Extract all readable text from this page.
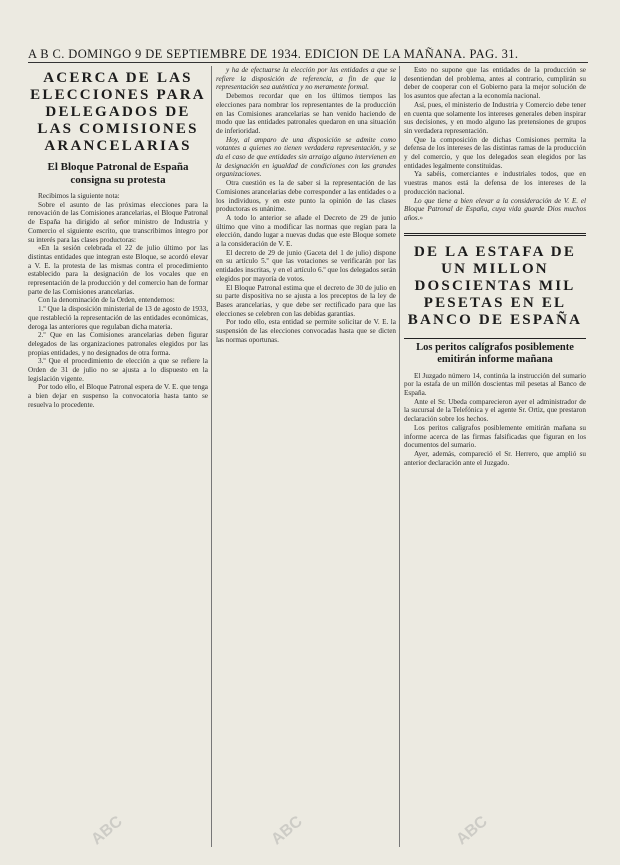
A B C. DOMINGO 9 DE SEPTIEMBRE DE 1934. EDICION DE LA MAÑANA. PAG. 31.
ACERCA DE LAS ELECCIONES PARA DELEGADOS DE LAS COMISIONES ARANCELARIAS
El Bloque Patronal de España consigna su protesta

Recibimos la siguiente nota:

Sobre el asunto de las próximas elecciones para la renovación de las Comisiones arancelarias, el Bloque Patronal de España ha dirigido al señor ministro de Industria y Comercio el siguiente escrito, que transcribimos íntegro por su interés para las clases productoras:

«En la sesión celebrada el 22 de julio último por las distintas entidades que integran este Bloque, se acordó elevar a V. E. la protesta de las mismas contra el procedimiento establecido para la designación de los vocales que en representación de la producción y del comercio han de formar parte de las Comisiones arancelarias.

Con la denominación de la Orden, entendemos:

1.º Que la disposición ministerial de 13 de agosto de 1933, que restableció la representación de las entidades económicas, deroga las anteriores que regulaban dicha materia.

2.º Que en las Comisiones arancelarias deben figurar delegados de las organizaciones patronales elegidos por las propias entidades, y no designados de otra forma.

3.º Que el procedimiento de elección a que se refiere la Orden de 31 de julio no se ajusta a lo dispuesto en la legislación vigente.

Por todo ello, el Bloque Patronal espera de V. E. que tenga a bien dejar en suspenso la convocatoria hasta tanto se resuelva lo procedente.

y ha de efectuarse la elección por las entidades a que se refiere la disposición de referencia, a fin de que la representación sea auténtica y no meramente formal.

Debemos recordar que en los últimos tiempos las elecciones para nombrar los representantes de la producción en las Comisiones arancelarias se han venido haciendo de modo que las entidades patronales quedaron en una situación de inferioridad.

Hoy, al amparo de una disposición se admite como votantes a quienes no tienen verdadera representación, y se da el caso de que entidades sin arraigo alguno intervienen en la designación en igualdad de condiciones con las grandes organizaciones.

Otra cuestión es la de saber si la representación de las Comisiones arancelarias debe corresponder a las entidades o a los individuos, y en este punto la opinión de las clases productoras es unánime.

A todo lo anterior se añade el Decreto de 29 de junio último que vino a modificar las normas que regían para la elección, dando lugar a nuevas dudas que este Bloque somete a la consideración de V. E.

El decreto de 29 de junio (Gaceta del 1 de julio) dispone en su artículo 5.º que las votaciones se verificarán por las entidades inscritas, y en el artículo 6.º que los delegados serán elegidos por mayoría de votos.

El Bloque Patronal estima que el decreto de 30 de julio en su parte dispositiva no se ajusta a los preceptos de la ley de Bases arancelarias, y que debe ser rectificado para que las elecciones se celebren con las debidas garantías.

Por todo ello, esta entidad se permite solicitar de V. E. la suspensión de las elecciones convocadas hasta que se dicten las normas oportunas.

Esto no supone que las entidades de la producción se desentiendan del problema, antes al contrario, cumplirán su deber de cooperar con el Gobierno para la mejor solución de los asuntos que afectan a la economía nacional.

Así, pues, el ministerio de Industria y Comercio debe tener en cuenta que solamente los intereses generales deben inspirar sus decisiones, y en modo alguno las pretensiones de grupos sin verdadera representación.

Que la composición de dichas Comisiones permita la defensa de los intereses de las distintas ramas de la producción y del comercio, y que los delegados sean elegidos por las entidades legalmente constituidas.

Ya sabéis, comerciantes e industriales todos, que en vuestras manos está la defensa de los intereses de la producción nacional.

Lo que tiene a bien elevar a la consideración de V. E. el Bloque Patronal de España, cuya vida guarde Dios muchos años.»

DE LA ESTAFA DE UN MILLON DOSCIENTAS MIL PESETAS EN EL BANCO DE ESPAÑA
Los peritos calígrafos posiblemente emitirán informe mañana

El Juzgado número 14, continúa la instrucción del sumario por la estafa de un millón doscientas mil pesetas al Banco de España.

Ante el Sr. Ubeda comparecieron ayer el administrador de la sucursal de la Telefónica y el agente Sr. Ortiz, que prestaron declaración sobre los hechos.

Los peritos calígrafos posiblemente emitirán mañana su informe acerca de las firmas falsificadas que figuran en los documentos del sumario.

Ayer, además, compareció el Sr. Herrero, que amplió su anterior declaración ante el Juzgado.

ABC	ABC	ABC
